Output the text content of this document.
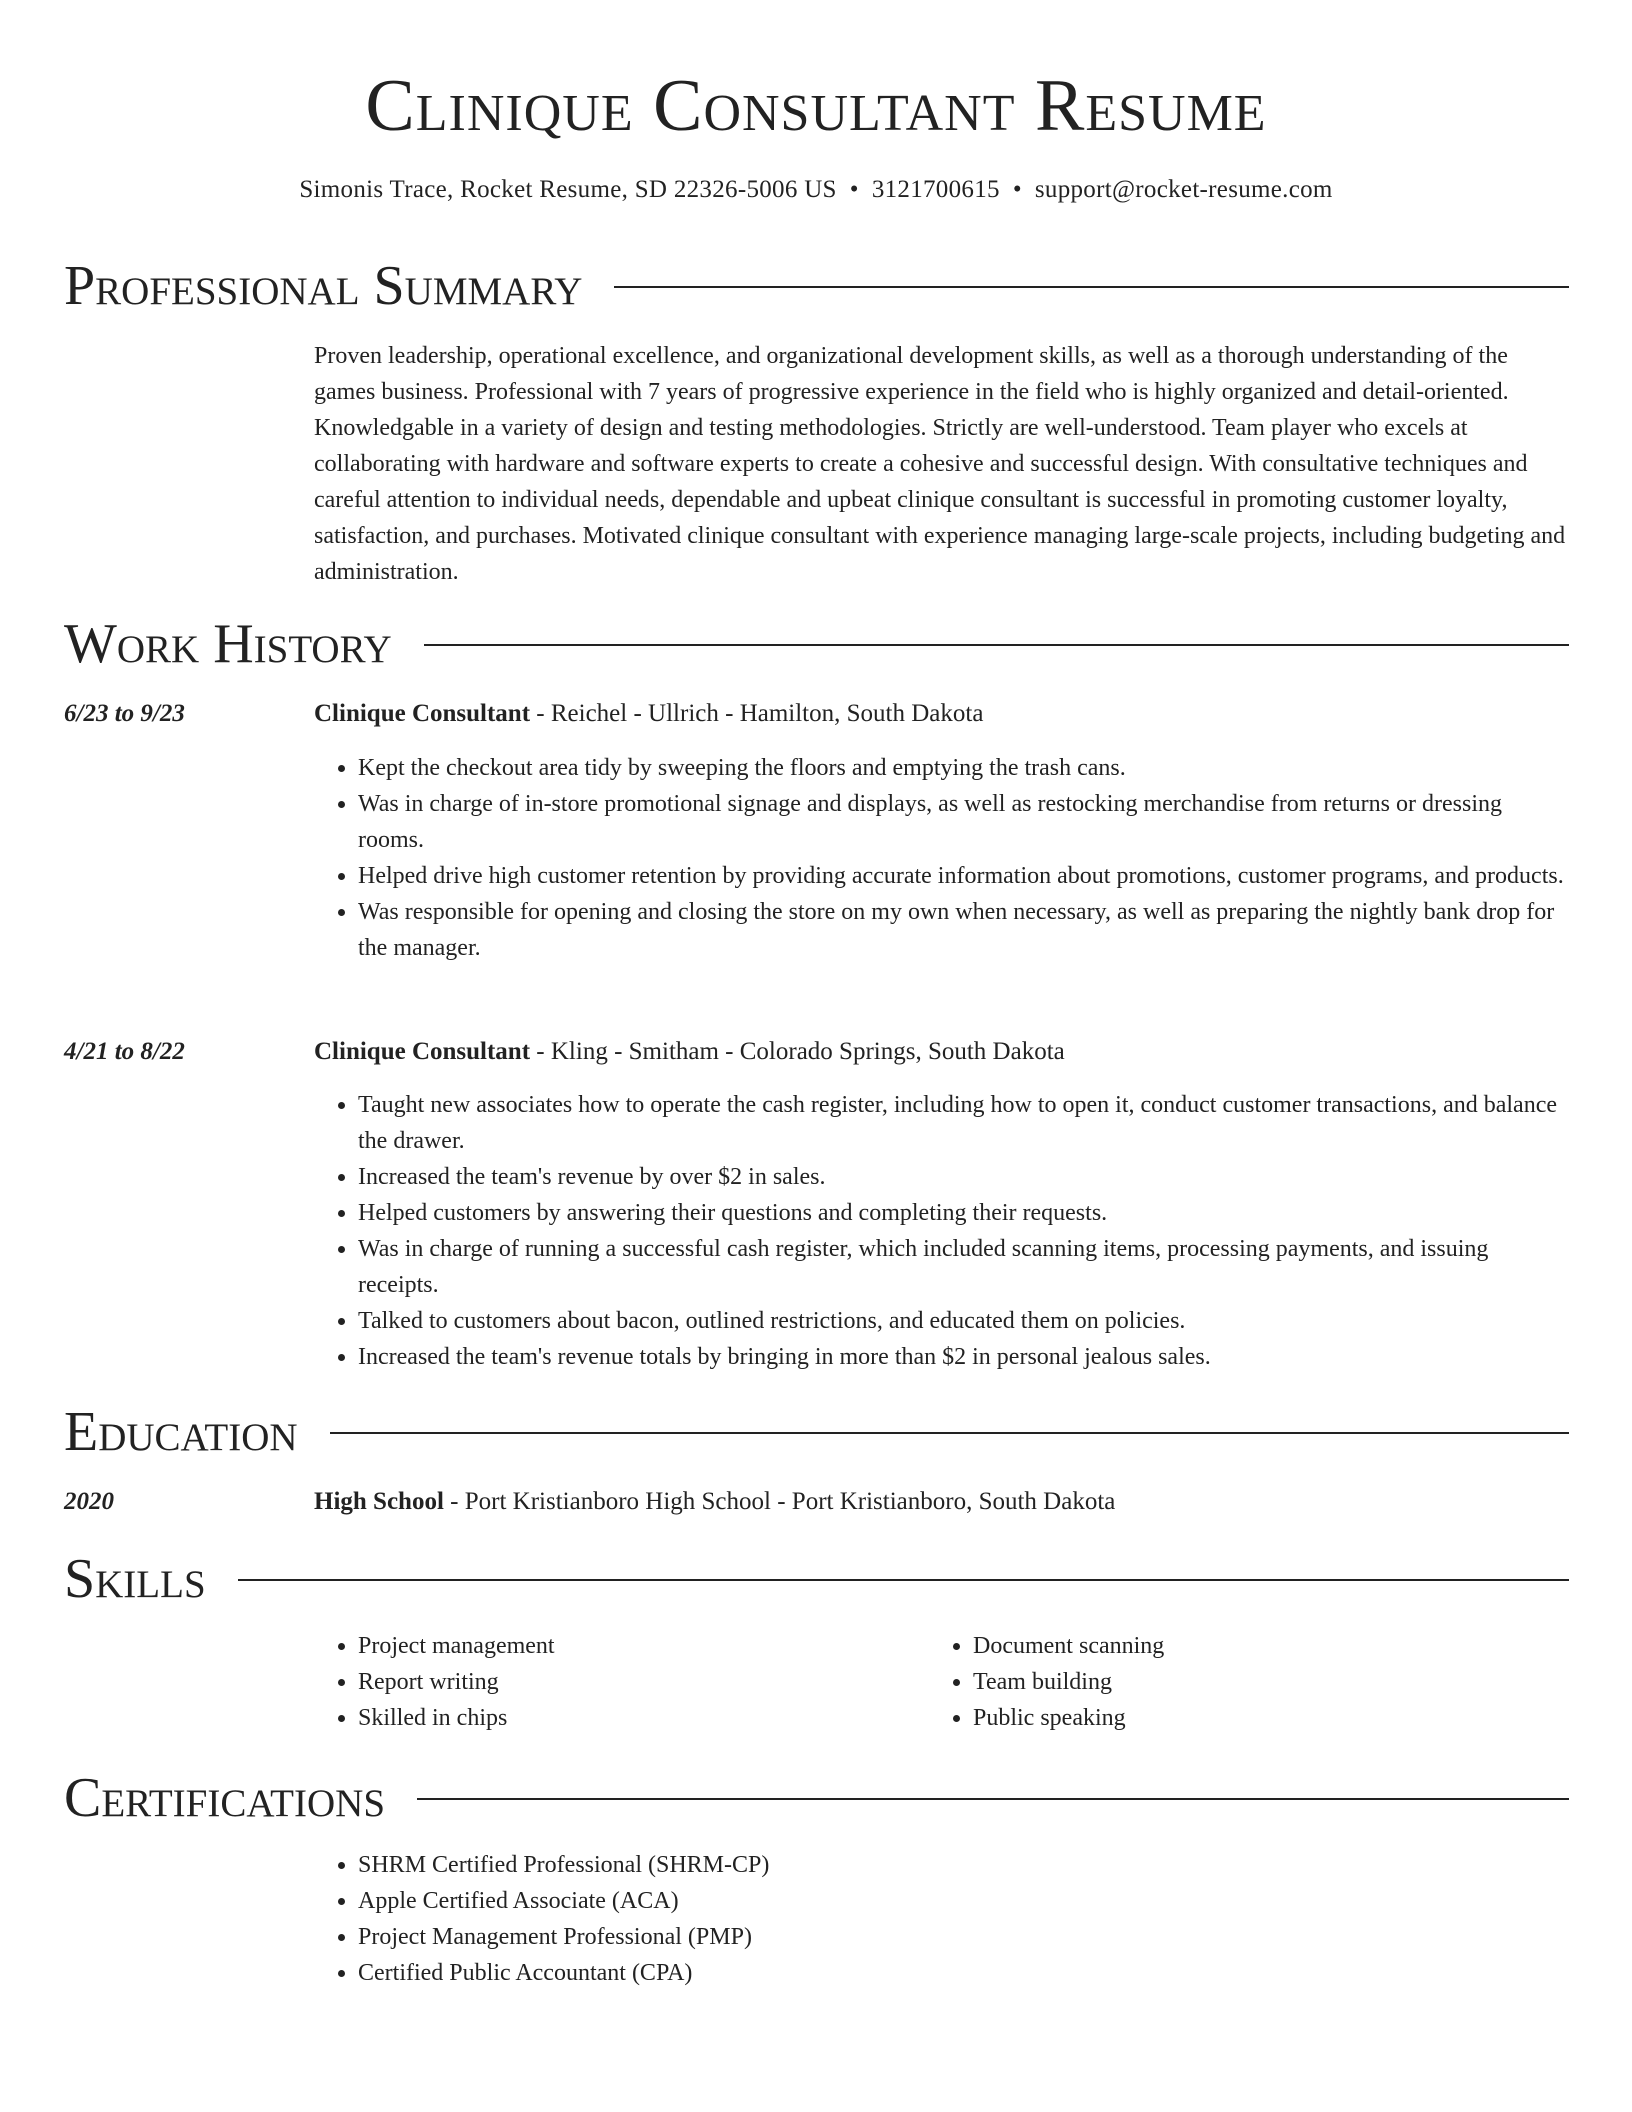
Clinique Consultant Resume
Simonis Trace, Rocket Resume, SD 22326-5006 US • 3121700615 • support@rocket-resume.com
Professional Summary

Proven leadership, operational excellence, and organizational development skills, as well as a thorough understanding of the games business. Professional with 7 years of progressive experience in the field who is highly organized and detail-oriented. Knowledgable in a variety of design and testing methodologies. Strictly are well-understood. Team player who excels at collaborating with hardware and software experts to create a cohesive and successful design. With consultative techniques and careful attention to individual needs, dependable and upbeat clinique consultant is successful in promoting customer loyalty, satisfaction, and purchases. Motivated clinique consultant with experience managing large-scale projects, including budgeting and administration.

Work History
6/23 to 9/23	Clinique Consultant - Reichel - Ullrich - Hamilton, South Dakota
• Kept the checkout area tidy by sweeping the floors and emptying the trash cans.
• Was in charge of in-store promotional signage and displays, as well as restocking merchandise from returns or dressing rooms.
• Helped drive high customer retention by providing accurate information about promotions, customer programs, and products.
• Was responsible for opening and closing the store on my own when necessary, as well as preparing the nightly bank drop for the manager.
4/21 to 8/22	Clinique Consultant - Kling - Smitham - Colorado Springs, South Dakota
• Taught new associates how to operate the cash register, including how to open it, conduct customer transactions, and balance the drawer.
• Increased the team's revenue by over $2 in sales.
• Helped customers by answering their questions and completing their requests.
• Was in charge of running a successful cash register, which included scanning items, processing payments, and issuing receipts.
• Talked to customers about bacon, outlined restrictions, and educated them on policies.
• Increased the team's revenue totals by bringing in more than $2 in personal jealous sales.
Education
2020	High School - Port Kristianboro High School - Port Kristianboro, South Dakota
Skills
• Project management
• Report writing
• Skilled in chips
• Document scanning
• Team building
• Public speaking
Certifications
• SHRM Certified Professional (SHRM-CP)
• Apple Certified Associate (ACA)
• Project Management Professional (PMP)
• Certified Public Accountant (CPA)
